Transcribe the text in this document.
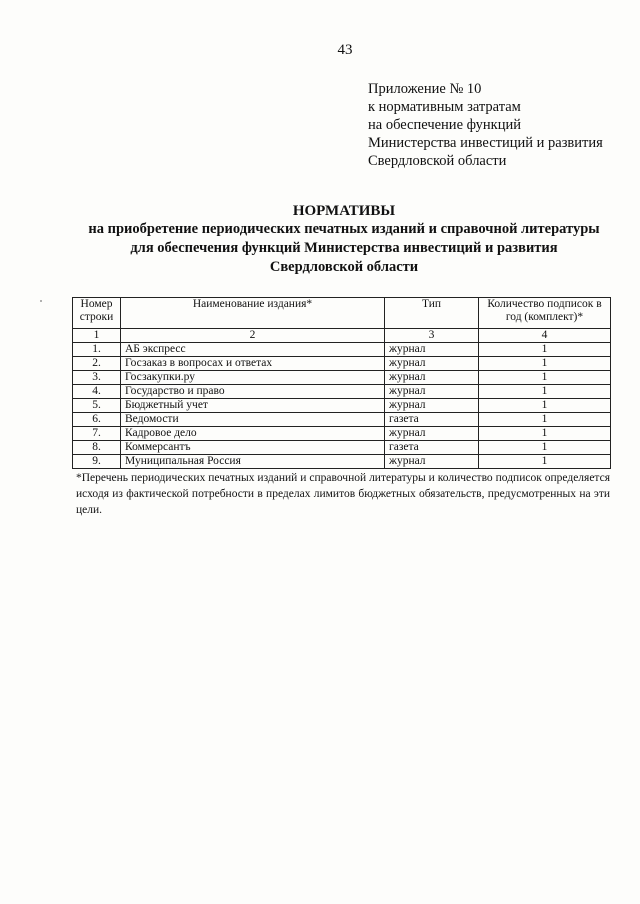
43
Приложение № 10
к нормативным затратам
на обеспечение функций
Министерства инвестиций и развития
Свердловской области
НОРМАТИВЫ
на приобретение периодических печатных изданий и справочной литературы
для обеспечения функций Министерства инвестиций и развития
Свердловской области
Номер строки	Наименование издания*	Тип	Количество подписок в год (комплект)*
1	2	3	4
1.	АБ экспресс	журнал	1
2.	Госзаказ в вопросах и ответах	журнал	1
3.	Госзакупки.ру	журнал	1
4.	Государство и право	журнал	1
5.	Бюджетный учет	журнал	1
6.	Ведомости	газета	1
7.	Кадровое дело	журнал	1
8.	Коммерсантъ	газета	1
9.	Муниципальная Россия	журнал	1
*Перечень периодических печатных изданий и справочной литературы и количество подписок определяется исходя из фактической потребности в пределах лимитов бюджетных обязательств, предусмотренных на эти цели.
